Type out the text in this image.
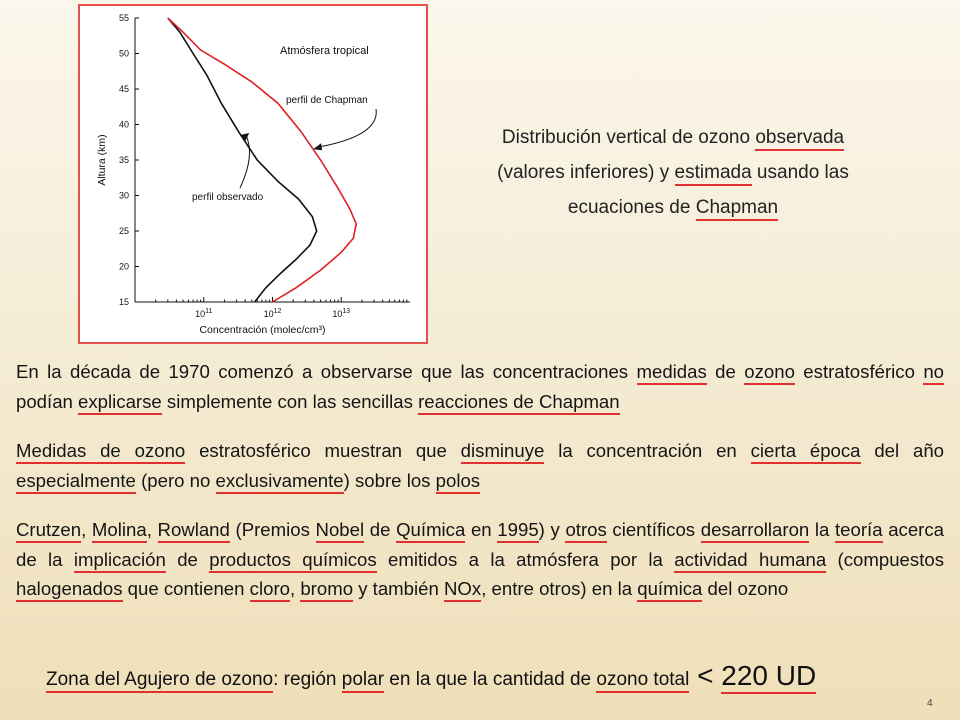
15
20
25
30
35
40
45
50
55
$10^{11}$	$10^{12}$	$10^{13}$
Concentración (molec/cm³)
Altura (km)
Atmósfera tropical
perfil de Chapman
perfil observado
Distribución vertical de ozono observada
(valores inferiores) y estimada usando las
ecuaciones de Chapman
En la década de 1970 comenzó a observarse que las concentraciones medidas de ozono estratosférico no podían explicarse simplemente con las sencillas reacciones de Chapman
Medidas de ozono estratosférico muestran que disminuye la concentración en cierta época del año especialmente (pero no exclusivamente) sobre los polos
Crutzen, Molina, Rowland (Premios Nobel de Química en 1995) y otros científicos desarrollaron la teoría acerca de la implicación de productos químicos emitidos a la atmósfera por la actividad humana (compuestos halogenados que contienen cloro, bromo y también NOx, entre otros) en la química del ozono
Zona del Agujero de ozono: región polar en la que la cantidad de ozono total < 220 UD
4
